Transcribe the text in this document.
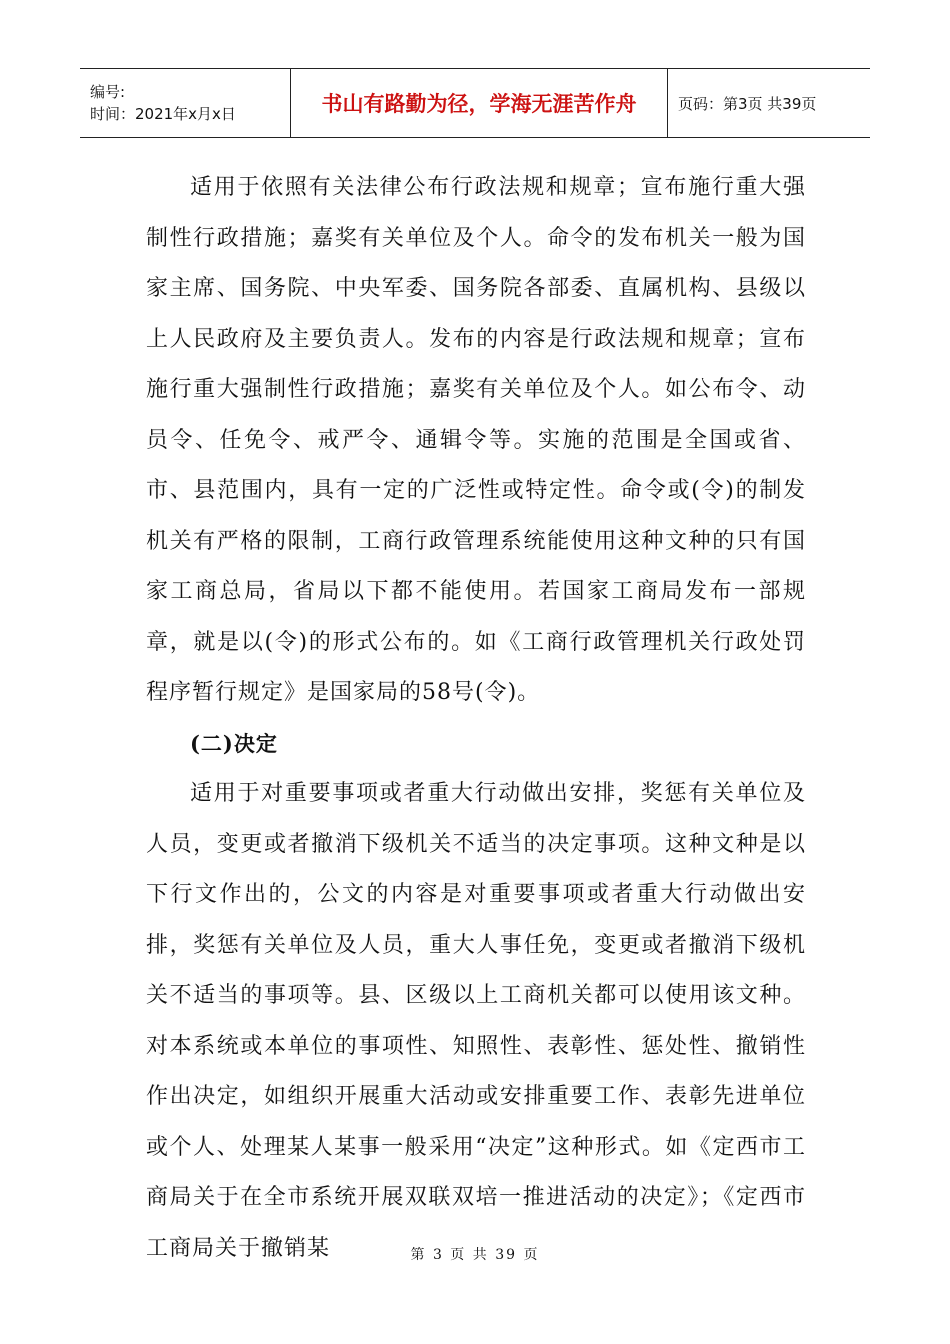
编号:
时间：2021年x月x日	书山有路勤为径，学海无涯苦作舟	页码：第3页 共39页

适用于依照有关法律公布行政法规和规章；宣布施行重大强制性行政措施；嘉奖有关单位及个人。命令的发布机关一般为国家主席、国务院、中央军委、国务院各部委、直属机构、县级以上人民政府及主要负责人。发布的内容是行政法规和规章；宣布施行重大强制性行政措施；嘉奖有关单位及个人。如公布令、动员令、任免令、戒严令、通辑令等。实施的范围是全国或省、市、县范围内，具有一定的广泛性或特定性。命令或(令)的制发机关有严格的限制，工商行政管理系统能使用这种文种的只有国家工商总局，省局以下都不能使用。若国家工商局发布一部规章，就是以(令)的形式公布的。如《工商行政管理机关行政处罚程序暂行规定》是国家局的58号(令)。

(二)决定

适用于对重要事项或者重大行动做出安排，奖惩有关单位及人员，变更或者撤消下级机关不适当的决定事项。这种文种是以下行文作出的，公文的内容是对重要事项或者重大行动做出安排，奖惩有关单位及人员，重大人事任免，变更或者撤消下级机关不适当的事项等。县、区级以上工商机关都可以使用该文种。对本系统或本单位的事项性、知照性、表彰性、惩处性、撤销性作出决定，如组织开展重大活动或安排重要工作、表彰先进单位或个人、处理某人某事一般采用“决定”这种形式。如《定西市工商局关于在全市系统开展双联双培一推进活动的决定》；《定西市工商局关于撤销某	第 3 页 共 39 页
